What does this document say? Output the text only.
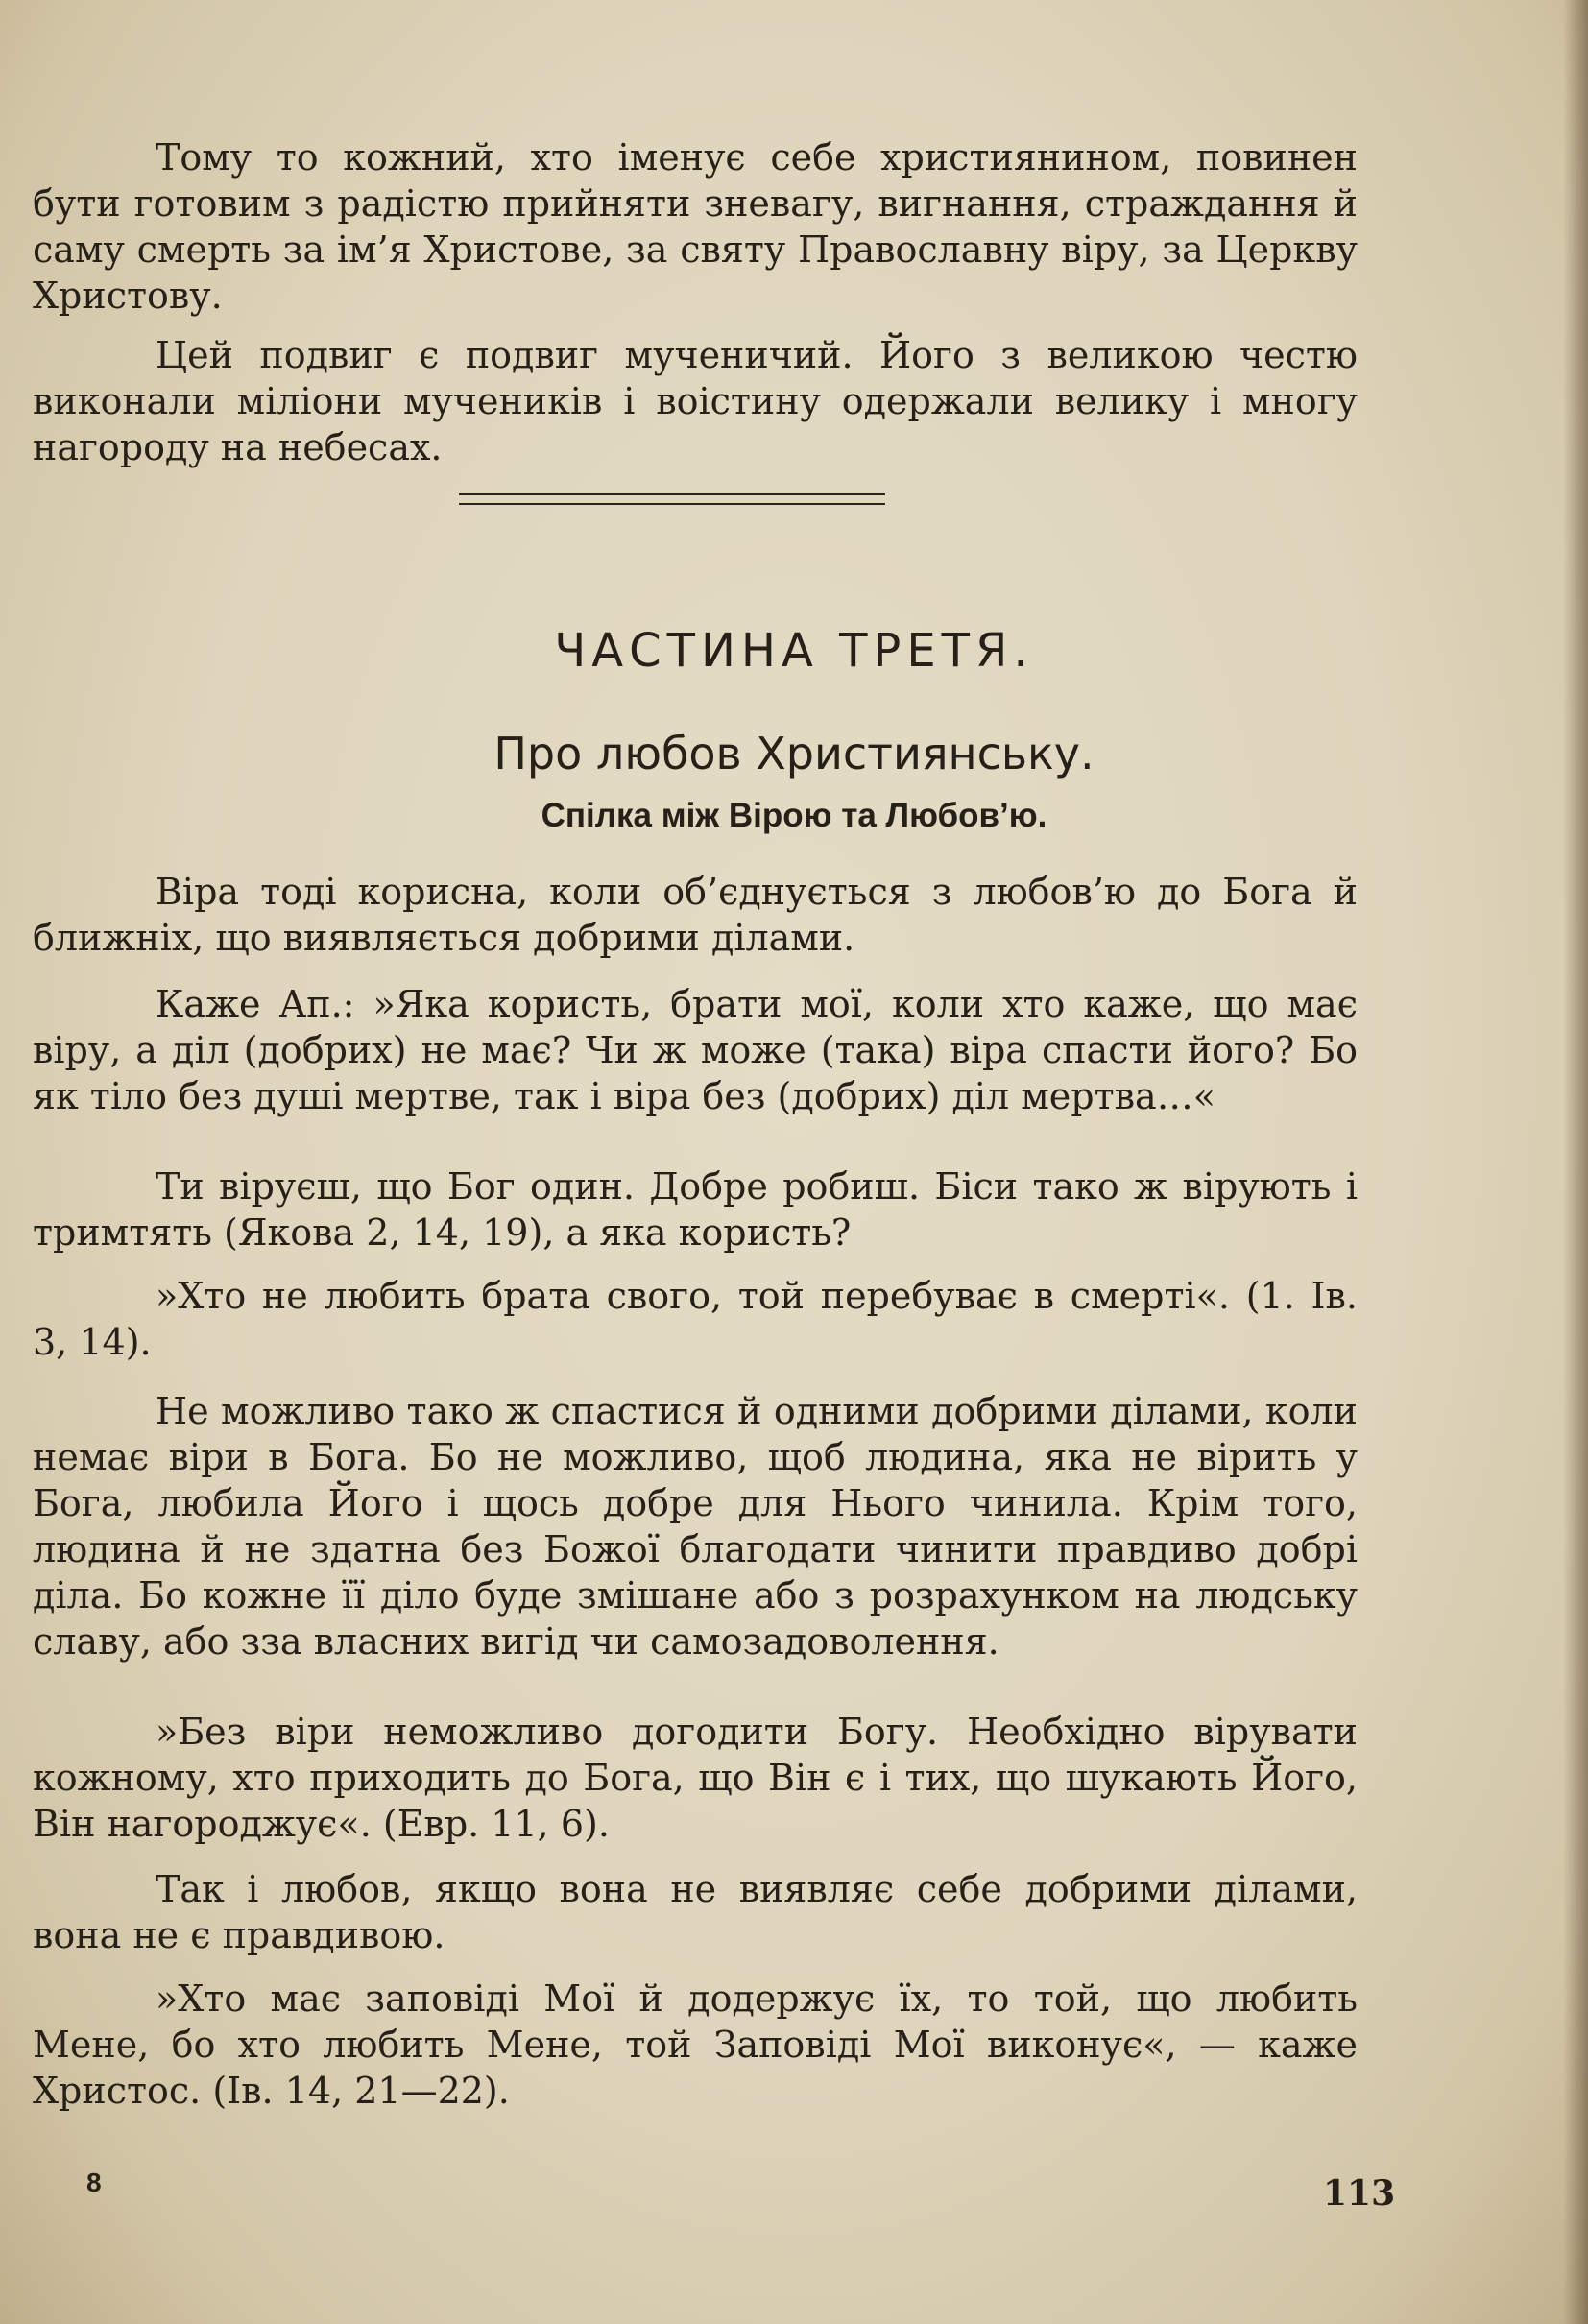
Тому то кожний, хто іменує себе християнином, повинен бути готовим з радістю прийняти зневагу, вигнання, страждання й саму смерть за ім’я Христове, за святу Православну віру, за Церкву Христову.

Цей подвиг є подвиг мученичий. Його з великою честю виконали міліони мучеників і воістину одержали велику і многу нагороду на небесах.

ЧАСТИНА ТРЕТЯ.
Про любов Християнську.
Спілка між Вірою та Любов’ю.

Віра тоді корисна, коли об’єднується з любов’ю до Бога й ближніх, що виявляється добрими ділами.

Каже Ап.: »Яка користь, брати мої, коли хто каже, що має віру, а діл (добрих) не має? Чи ж може (така) віра спасти його? Бо як тіло без душі мертве, так і віра без (добрих) діл мертва…«

Ти віруєш, що Бог один. Добре робиш. Біси тако ж вірують і тримтять (Якова 2, 14, 19), а яка користь?

»Хто не любить брата свого, той перебуває в смерті«. (1. Ів. 3, 14).

Не можливо тако ж спастися й одними добрими ділами, коли немає віри в Бога. Бо не можливо, щоб людина, яка не вірить у Бога, любила Його і щось добре для Нього чинила. Крім того, людина й не здатна без Божої благодати чинити правдиво добрі діла. Бо кожне її діло буде змішане або з розрахунком на людську славу, або зза власних вигід чи самозадоволення.

»Без віри неможливо догодити Богу. Необхідно вірувати кожному, хто приходить до Бога, що Він є і тих, що шукають Його, Він нагороджує«. (Евр. 11, 6).

Так і любов, якщо вона не виявляє себе добрими ділами, вона не є правдивою.

»Хто має заповіді Мої й додержує їх, то той, що любить Мене, бо хто любить Мене, той Заповіді Мої виконує«, — каже Христос. (Ів. 14, 21—22).

8	113
